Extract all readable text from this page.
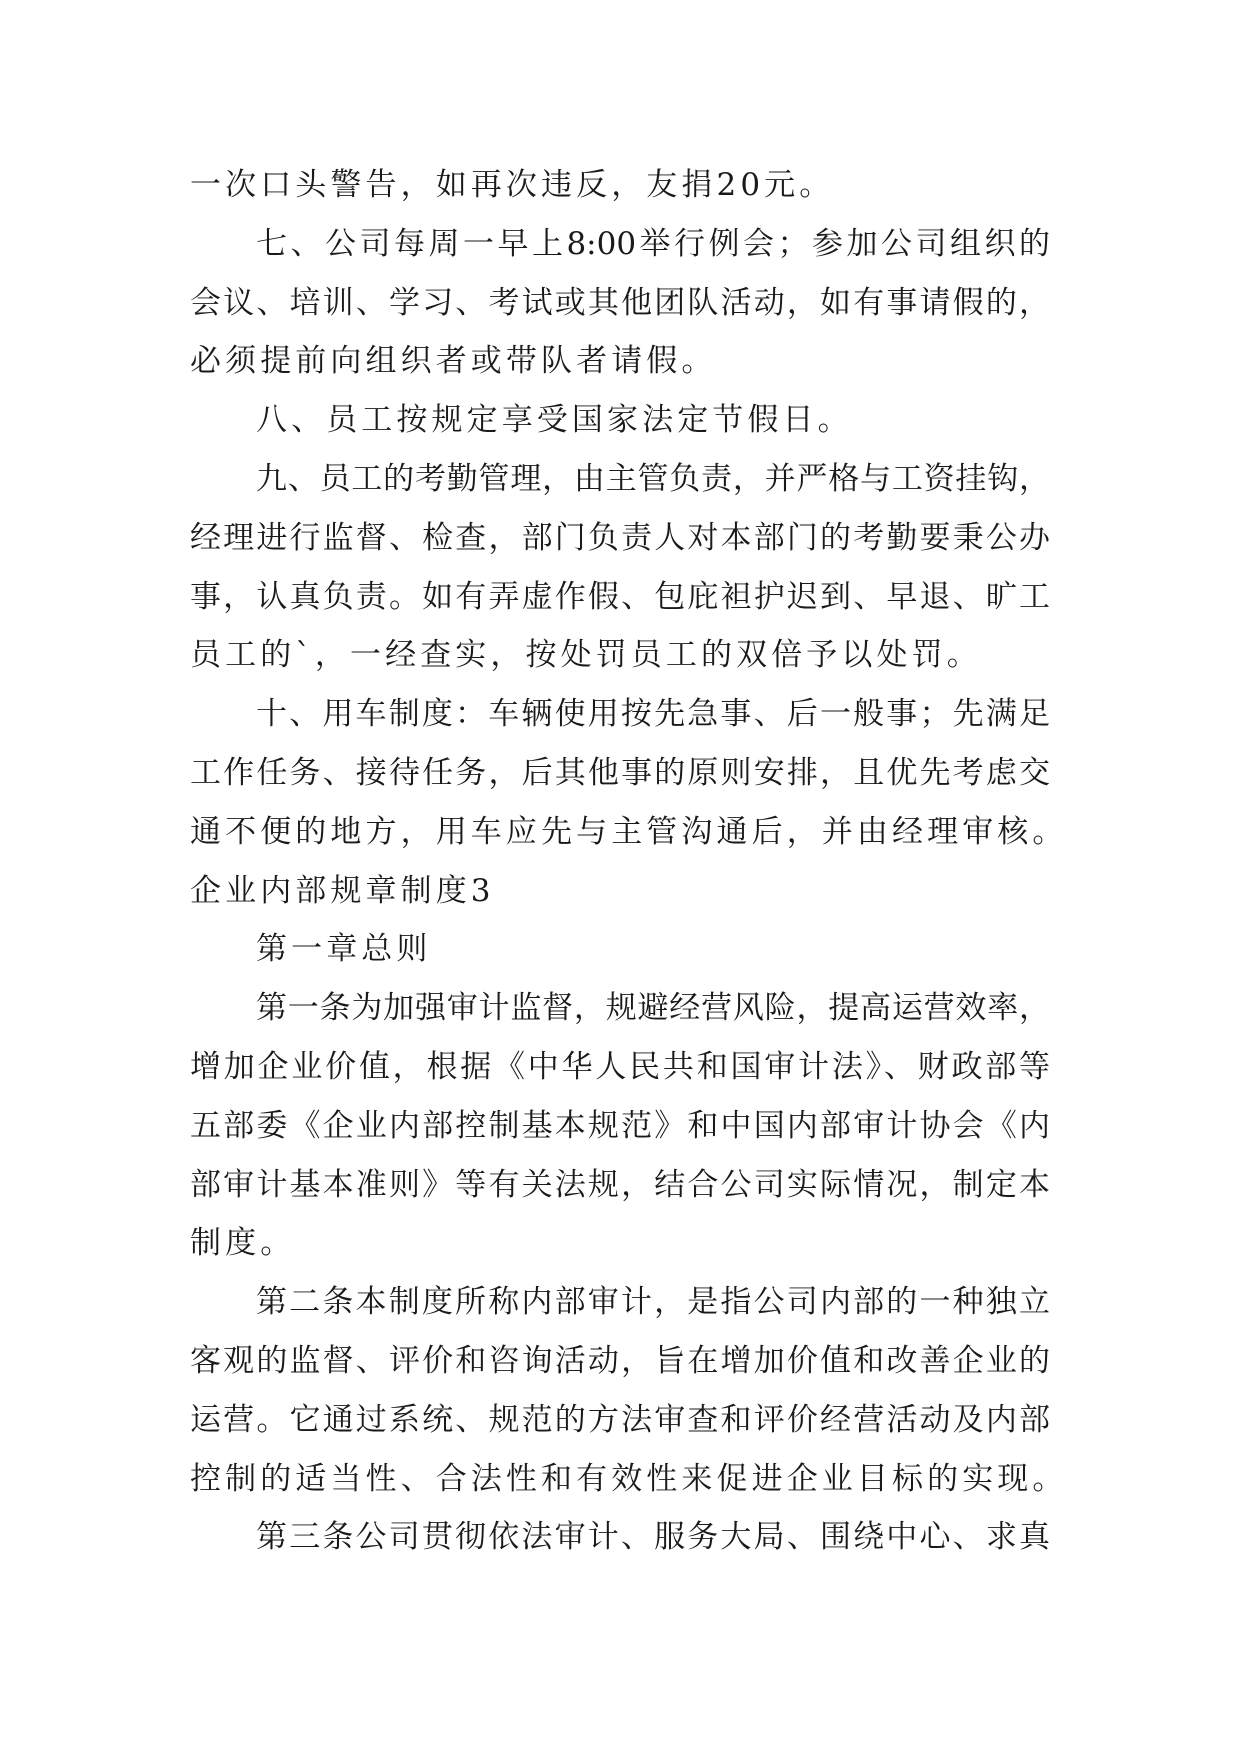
一次口头警告，如再次违反，友捐20元。
七、公司每周一早上8:00举行例会；参加公司组织的
会议、培训、学习、考试或其他团队活动，如有事请假的，
必须提前向组织者或带队者请假。
八、员工按规定享受国家法定节假日。
九、员工的考勤管理，由主管负责，并严格与工资挂钩，
经理进行监督、检查，部门负责人对本部门的考勤要秉公办
事，认真负责。如有弄虚作假、包庇袒护迟到、早退、旷工
员工的`，一经查实，按处罚员工的双倍予以处罚。
十、用车制度：车辆使用按先急事、后一般事；先满足
工作任务、接待任务，后其他事的原则安排，且优先考虑交
通不便的地方，用车应先与主管沟通后，并由经理审核。
企业内部规章制度3
第一章总则
第一条为加强审计监督，规避经营风险，提高运营效率，
增加企业价值，根据《中华人民共和国审计法》、财政部等
五部委《企业内部控制基本规范》和中国内部审计协会《内
部审计基本准则》等有关法规，结合公司实际情况，制定本
制度。
第二条本制度所称内部审计，是指公司内部的一种独立
客观的监督、评价和咨询活动，旨在增加价值和改善企业的
运营。它通过系统、规范的方法审查和评价经营活动及内部
控制的适当性、合法性和有效性来促进企业目标的实现。
第三条公司贯彻依法审计、服务大局、围绕中心、求真
